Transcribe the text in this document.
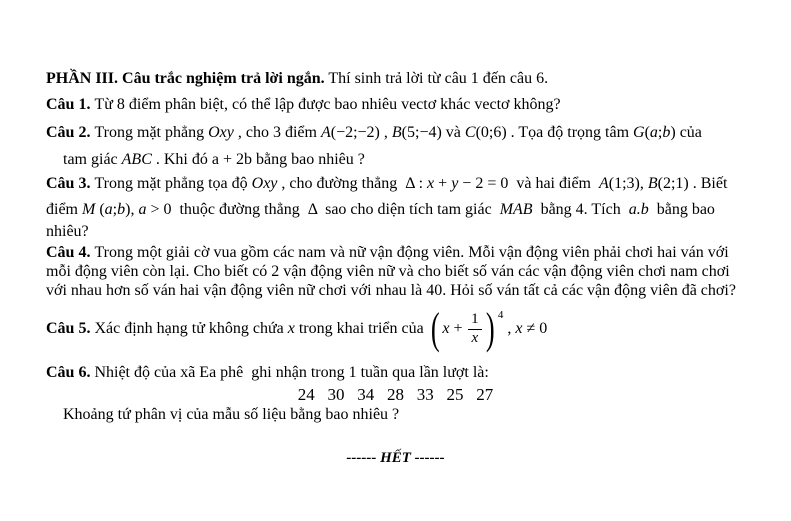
PHẦN III. Câu trắc nghiệm trả lời ngắn. Thí sinh trả lời từ câu 1 đến câu 6.
Câu 1. Từ 8 điểm phân biệt, có thể lập được bao nhiêu vectơ khác vectơ không?
Câu 2. Trong mặt phẳng Oxy , cho 3 điểm A(−2;−2) , B(5;−4) và C(0;6) . Tọa độ trọng tâm G(a;b) của
tam giác ABC . Khi đó a + 2b bằng bao nhiêu ?
Câu 3. Trong mặt phẳng tọa độ Oxy , cho đường thẳng  Δ : x + y − 2 = 0  và hai điểm  A(1;3), B(2;1) . Biết
điểm M (a;b), a > 0  thuộc đường thẳng  Δ  sao cho diện tích tam giác  MAB  bằng 4. Tích  a.b  bằng bao
nhiêu?
Câu 4. Trong một giải cờ vua gồm các nam và nữ vận động viên. Mỗi vận động viên phải chơi hai ván với
mỗi động viên còn lại. Cho biết có 2 vận động viên nữ và cho biết số ván các vận động viên chơi nam chơi
với nhau hơn số ván hai vận động viên nữ chơi với nhau là 40. Hỏi số ván tất cả các vận động viên đã chơi?
Câu 5. Xác định hạng tử không chứa x trong khai triển của ( $x + \frac{1}{x}$ ) 4
, x ≠ 0
Câu 6. Nhiệt độ của xã Ea phê  ghi nhận trong 1 tuần qua lần lượt là:
24   30   34   28   33   25   27
Khoảng tứ phân vị của mẫu số liệu bằng bao nhiêu ?
------ HẾT ------
